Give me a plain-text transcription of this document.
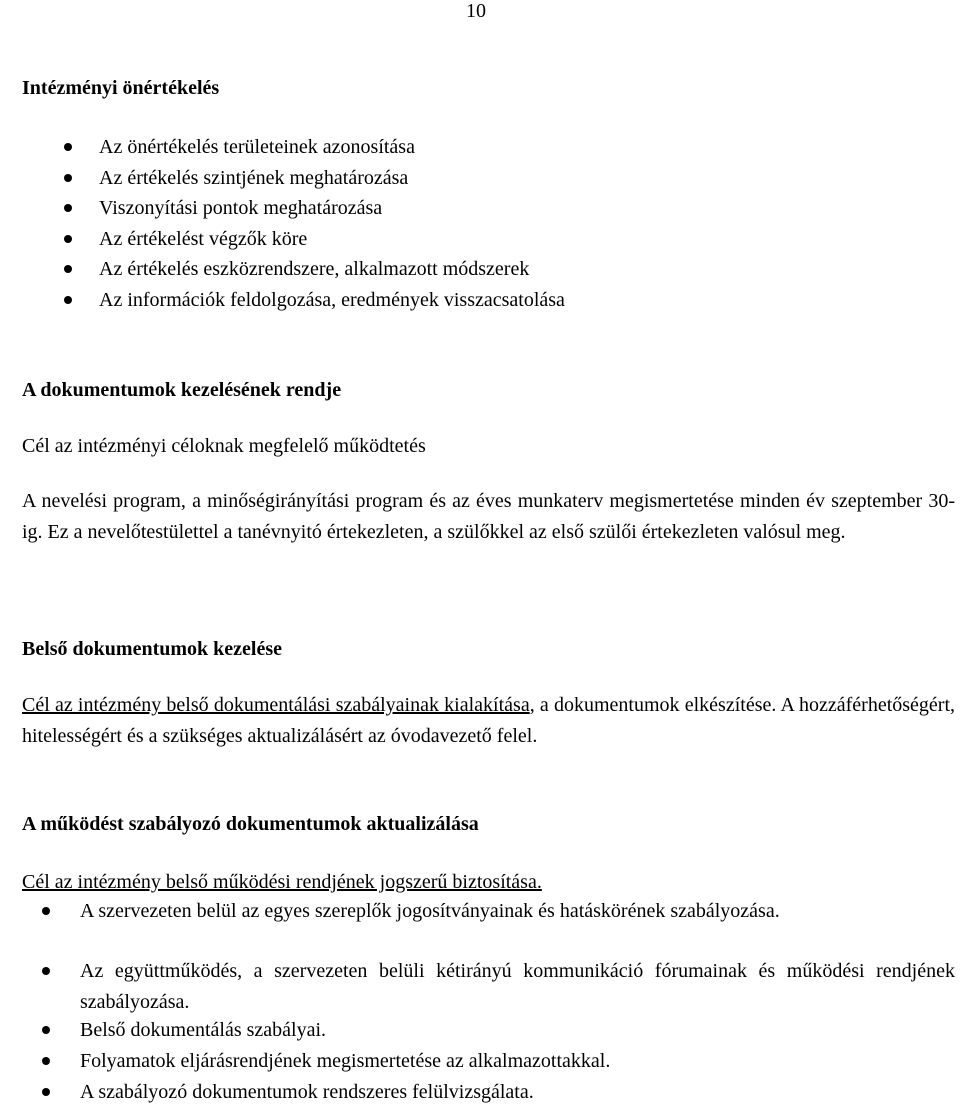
10
Intézményi önértékelés
Az önértékelés területeinek azonosítása
Az értékelés szintjének meghatározása
Viszonyítási pontok meghatározása
Az értékelést végzők köre
Az értékelés eszközrendszere, alkalmazott módszerek
Az információk feldolgozása, eredmények visszacsatolása
A dokumentumok kezelésének rendje
Cél az intézményi céloknak megfelelő működtetés
A nevelési program, a minőségirányítási program és az éves munkaterv megismertetése minden év szeptember 30-ig. Ez a nevelőtestülettel a tanévnyitó értekezleten, a szülőkkel az első szülői értekezleten valósul meg.
Belső dokumentumok kezelése
Cél az intézmény belső dokumentálási szabályainak kialakítása, a dokumentumok elkészítése. A hozzáférhetőségért, hitelességért és a szükséges aktualizálásért az óvodavezető felel.
A működést szabályozó dokumentumok aktualizálása
Cél az intézmény belső működési rendjének jogszerű biztosítása.
A szervezeten belül az egyes szereplők jogosítványainak és hatáskörének szabályozása.
Az együttműködés, a szervezeten belüli kétirányú kommunikáció fórumainak és működési rendjének szabályozása.
Belső dokumentálás szabályai.
Folyamatok eljárásrendjének megismertetése az alkalmazottakkal.
A szabályozó dokumentumok rendszeres felülvizsgálata.
